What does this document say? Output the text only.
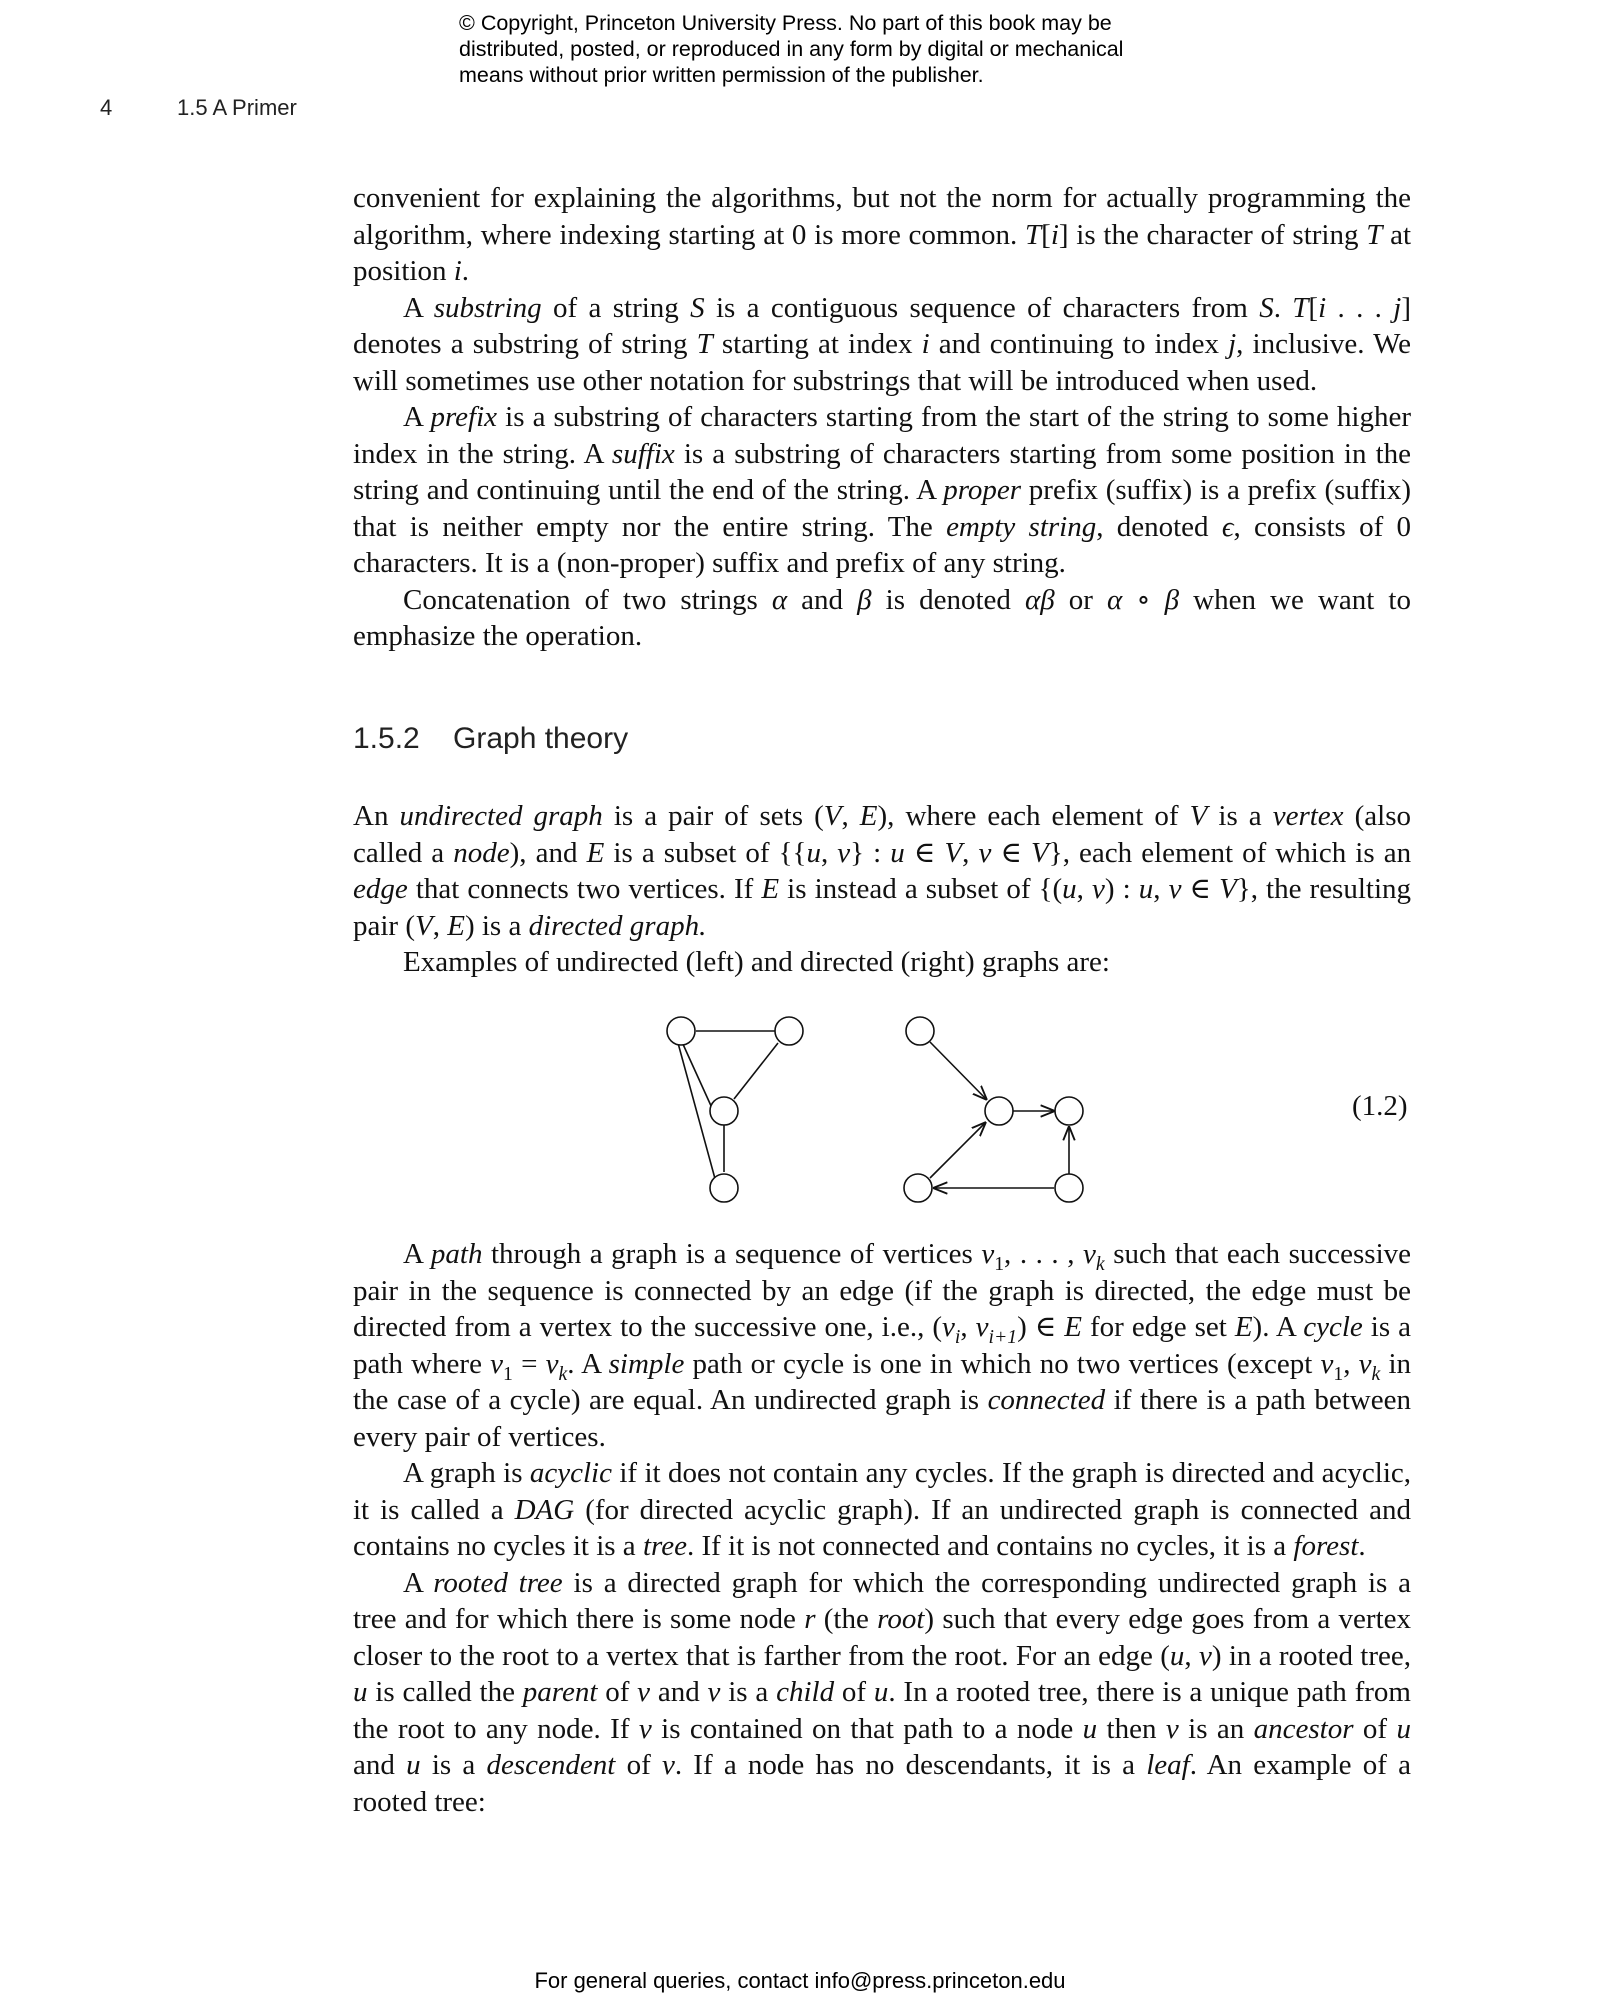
© Copyright, Princeton University Press. No part of this book may be
distributed, posted, or reproduced in any form by digital or mechanical
means without prior written permission of the publisher.
4	1.5 A Primer

convenient for explaining the algorithms, but not the norm for actually programming the algorithm, where indexing starting at 0 is more common. T[i] is the character of string T at position i.

A substring of a string S is a contiguous sequence of characters from S. T[i . . . j] denotes a substring of string T starting at index i and continuing to index j, inclusive. We will sometimes use other notation for substrings that will be introduced when used.

A prefix is a substring of characters starting from the start of the string to some higher index in the string. A suffix is a substring of characters starting from some position in the string and continuing until the end of the string. A proper prefix (suffix) is a prefix (suffix) that is neither empty nor the entire string. The empty string, denoted ϵ, consists of 0 characters. It is a (non-proper) suffix and prefix of any string.

Concatenation of two strings α and β is denoted αβ or α ∘ β when we want to emphasize the operation.

1.5.2 Graph theory

An undirected graph is a pair of sets (V, E), where each element of V is a vertex (also called a node), and E is a subset of {{u, v} : u ∈ V, v ∈ V}, each element of which is an edge that connects two vertices. If E is instead a subset of {(u, v) : u, v ∈ V}, the resulting pair (V, E) is a directed graph.

Examples of undirected (left) and directed (right) graphs are:

(1.2)

A path through a graph is a sequence of vertices $v_1$, . . . , $v_k$ such that each successive pair in the sequence is connected by an edge (if the graph is directed, the edge must be directed from a vertex to the successive one, i.e., ($v_i$, $v_{i+1}$) ∈ E for edge set E). A cycle is a path where $v_1 = v_k$. A simple path or cycle is one in which no two vertices (except $v_1$, $v_k$ in the case of a cycle) are equal. An undirected graph is connected if there is a path between every pair of vertices.

A graph is acyclic if it does not contain any cycles. If the graph is directed and acyclic, it is called a DAG (for directed acyclic graph). If an undirected graph is connected and contains no cycles it is a tree. If it is not connected and contains no cycles, it is a forest.

A rooted tree is a directed graph for which the corresponding undirected graph is a tree and for which there is some node r (the root) such that every edge goes from a vertex closer to the root to a vertex that is farther from the root. For an edge (u, v) in a rooted tree, u is called the parent of v and v is a child of u. In a rooted tree, there is a unique path from the root to any node. If v is contained on that path to a node u then v is an ancestor of u and u is a descendent of v. If a node has no descendants, it is a leaf. An example of a rooted tree:

For general queries, contact info@press.princeton.edu
